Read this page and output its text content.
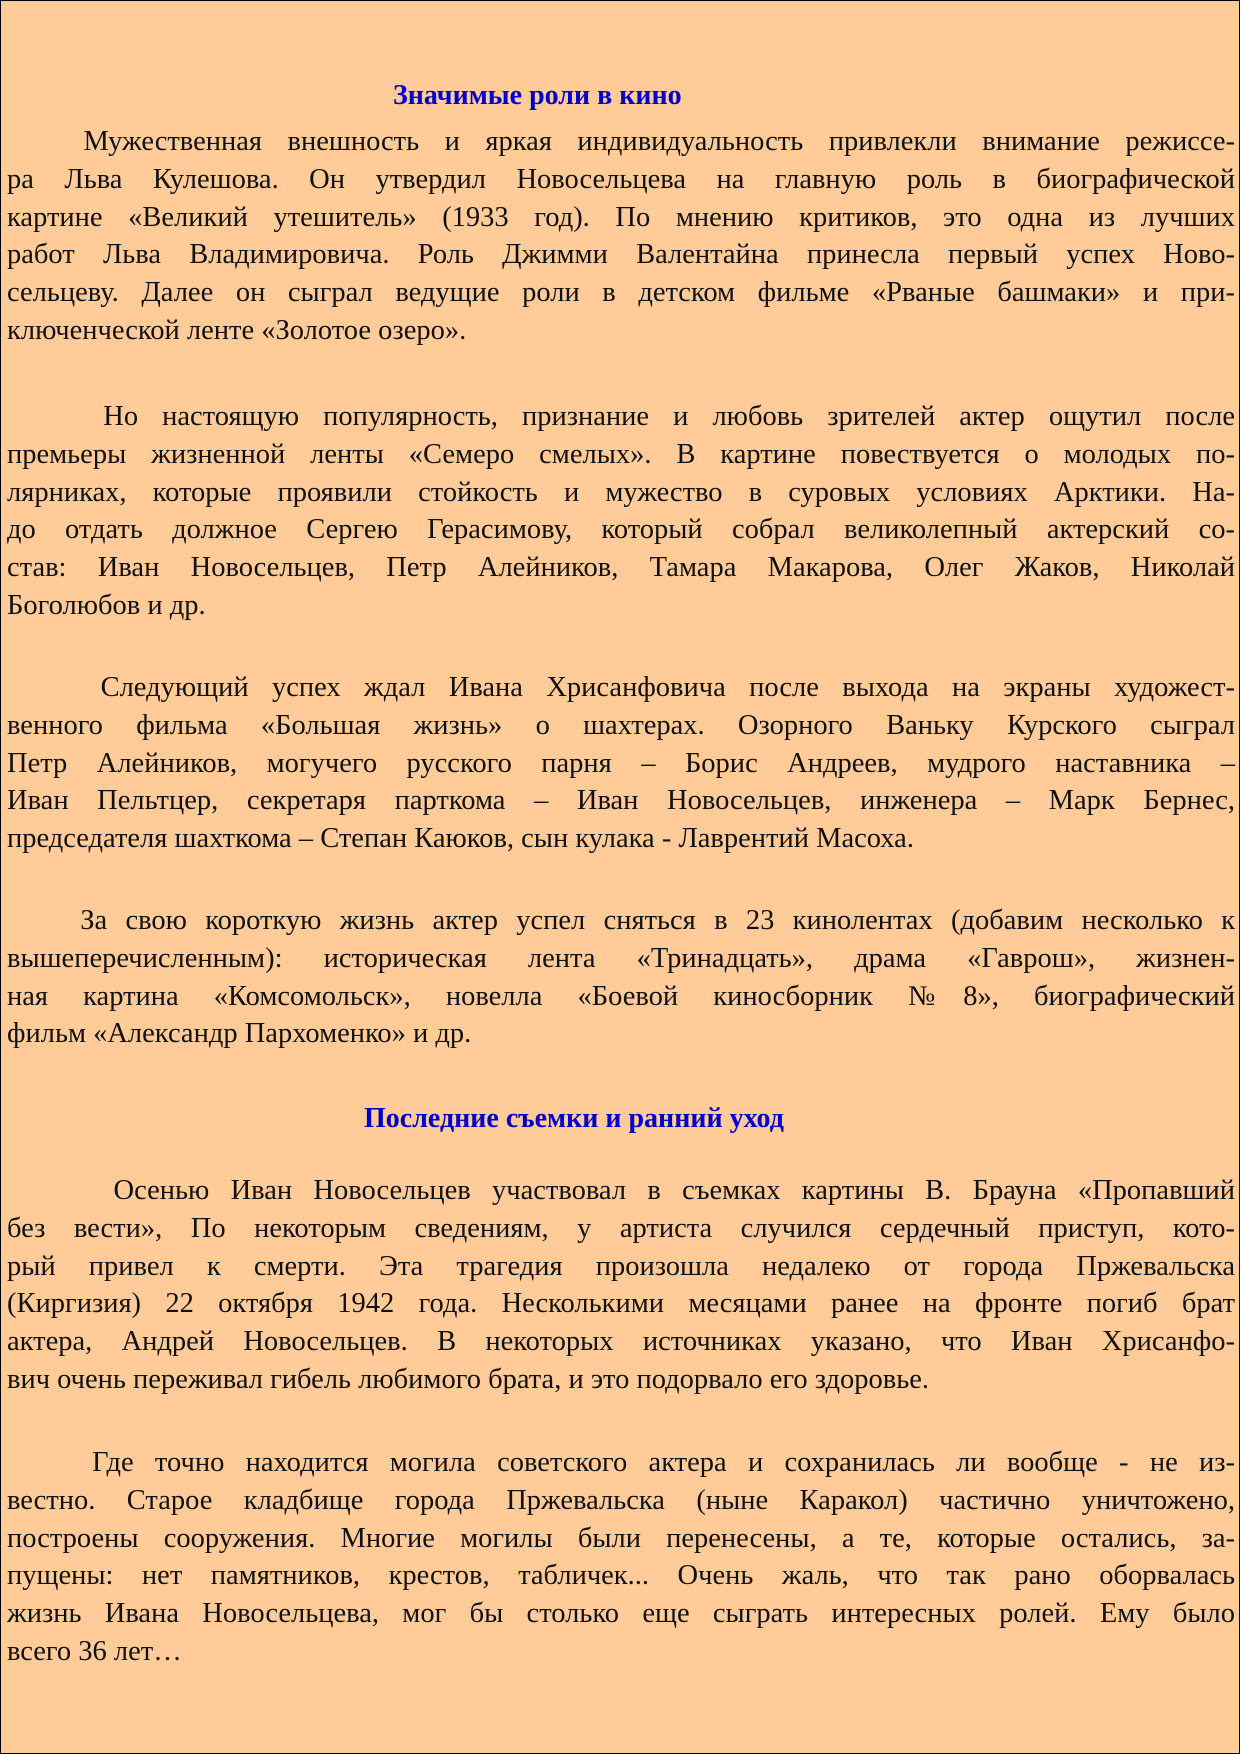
Значимые роли в кино

Мужественная внешность и яркая индивидуальность привлекли внимание режиссе-
ра Льва Кулешова. Он утвердил Новосельцева на главную роль в биографической
картине «Великий утешитель» (1933 год). По мнению критиков, это одна из лучших
работ Льва Владимировича. Роль Джимми Валентайна принесла первый успех Ново-
сельцеву. Далее он сыграл ведущие роли в детском фильме «Рваные башмаки» и при-
ключенческой ленте «Золотое озеро».

Но настоящую популярность, признание и любовь зрителей актер ощутил после
премьеры жизненной ленты «Семеро смелых». В картине повествуется о молодых по-
лярниках, которые проявили стойкость и мужество в суровых условиях Арктики. На-
до отдать должное Сергею Герасимову, который собрал великолепный актерский со-
став: Иван Новосельцев, Петр Алейников, Тамара Макарова, Олег Жаков, Николай
Боголюбов и др.

Следующий успех ждал Ивана Хрисанфовича после выхода на экраны художест-
венного фильма «Большая жизнь» о шахтерах. Озорного Ваньку Курского сыграл
Петр Алейников, могучего русского парня – Борис Андреев, мудрого наставника –
Иван Пельтцер, секретаря парткома – Иван Новосельцев, инженера – Марк Бернес,
председателя шахткома – Степан Каюков, сын кулака - Лаврентий Масоха.

За свою короткую жизнь актер успел сняться в 23 кинолентах (добавим несколько к
вышеперечисленным): историческая лента «Тринадцать», драма «Гаврош», жизнен-
ная картина «Комсомольск», новелла «Боевой киносборник №8», биографический
фильм «Александр Пархоменко» и др.

Последние съемки и ранний уход

Осенью Иван Новосельцев участвовал в съемках картины В. Брауна «Пропавший
без вести», По некоторым сведениям, у артиста случился сердечный приступ, кото-
рый привел к смерти. Эта трагедия произошла недалеко от города Пржевальска
(Киргизия) 22 октября 1942 года. Несколькими месяцами ранее на фронте погиб брат
актера, Андрей Новосельцев. В некоторых источниках указано, что Иван Хрисанфо-
вич очень переживал гибель любимого брата, и это подорвало его здоровье.

Где точно находится могила советского актера и сохранилась ли вообще - не из-
вестно. Старое кладбище города Пржевальска (ныне Каракол) частично уничтожено,
построены сооружения. Многие могилы были перенесены, а те, которые остались, за-
пущены: нет памятников, крестов, табличек... Очень жаль, что так рано оборвалась
жизнь Ивана Новосельцева, мог бы столько еще сыграть интересных ролей. Ему было
всего 36 лет…
